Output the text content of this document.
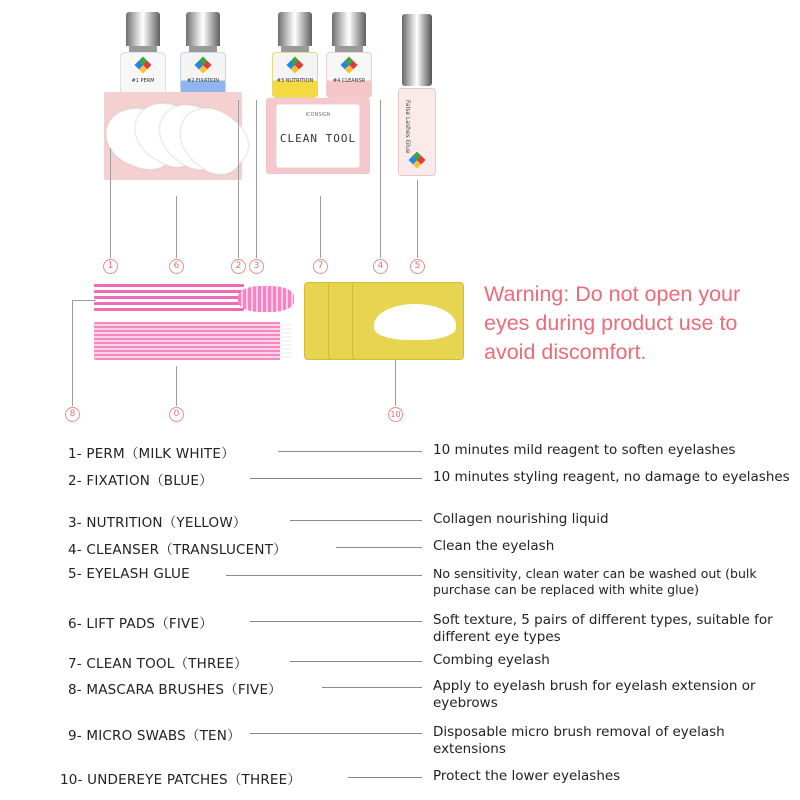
#1 PERM	#2 FIXATION	#3 NUTRITION	#4 CLEANSR
False Lashes Glue
ICONSIGN
CLEAN TOOL
1	6	2	3	7	4	5
8	0	10
Warning: Do not open your eyes during product use to avoid discomfort.
1- PERM（MILK WHITE）	10 minutes mild reagent to soften eyelashes
2- FIXATION（BLUE）	10 minutes styling reagent, no damage to eyelashes
3- NUTRITION（YELLOW）	Collagen nourishing liquid
4- CLEANSER（TRANSLUCENT）	Clean the eyelash
5- EYELASH GLUE	No sensitivity, clean water can be washed out (bulk purchase can be replaced with white glue)
6- LIFT PADS（FIVE）	Soft texture, 5 pairs of different types, suitable for different eye types
7- CLEAN TOOL（THREE）	Combing eyelash
8- MASCARA BRUSHES（FIVE）	Apply to eyelash brush for eyelash extension or eyebrows
9- MICRO SWABS（TEN）	Disposable micro brush removal of eyelash extensions
10- UNDEREYE PATCHES（THREE）	Protect the lower eyelashes
